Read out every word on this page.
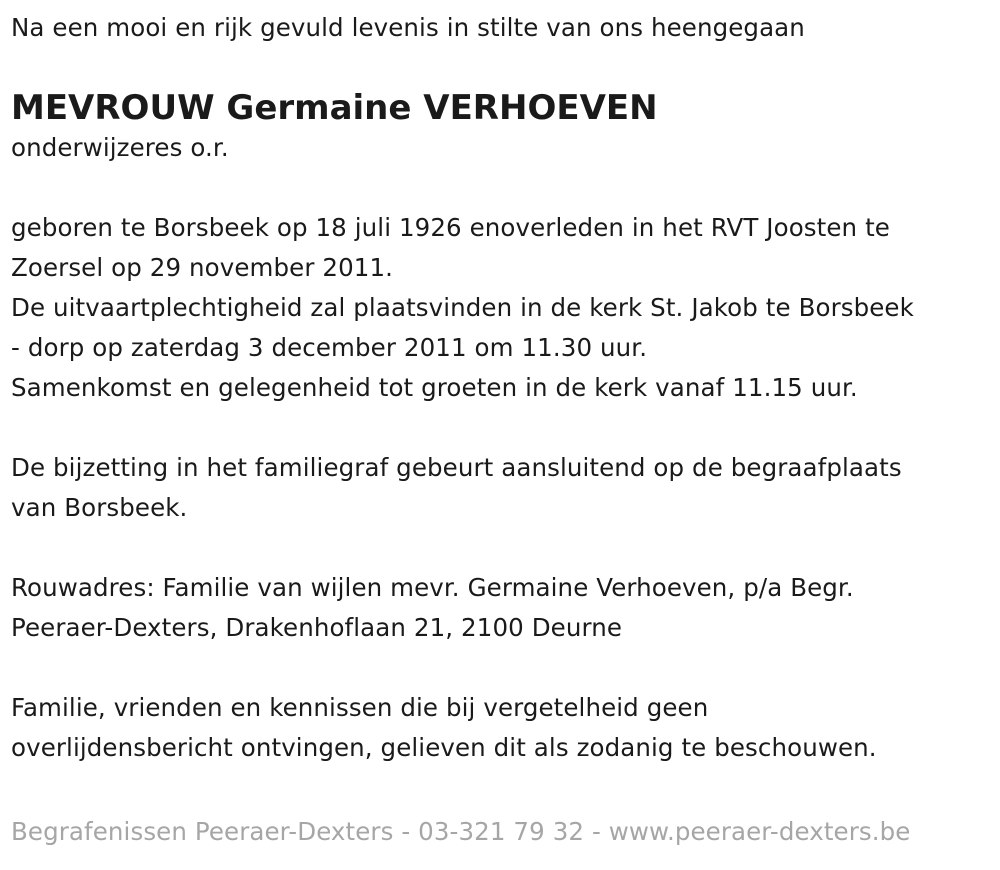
Na een mooi en rijk gevuld levenis in stilte van ons heengegaan

MEVROUW Germaine VERHOEVEN

onderwijzeres o.r.

geboren te Borsbeek op 18 juli 1926 enoverleden in het RVT Joosten te

Zoersel op 29 november 2011.

De uitvaartplechtigheid zal plaatsvinden in de kerk St. Jakob te Borsbeek

- dorp op zaterdag 3 december 2011 om 11.30 uur.

Samenkomst en gelegenheid tot groeten in de kerk vanaf 11.15 uur.

De bijzetting in het familiegraf gebeurt aansluitend op de begraafplaats

van Borsbeek.

Rouwadres: Familie van wijlen mevr. Germaine Verhoeven, p/a Begr.

Peeraer-Dexters, Drakenhoflaan 21, 2100 Deurne

Familie, vrienden en kennissen die bij vergetelheid geen

overlijdensbericht ontvingen, gelieven dit als zodanig te beschouwen.

Begrafenissen Peeraer-Dexters - 03-321 79 32 - www.peeraer-dexters.be
